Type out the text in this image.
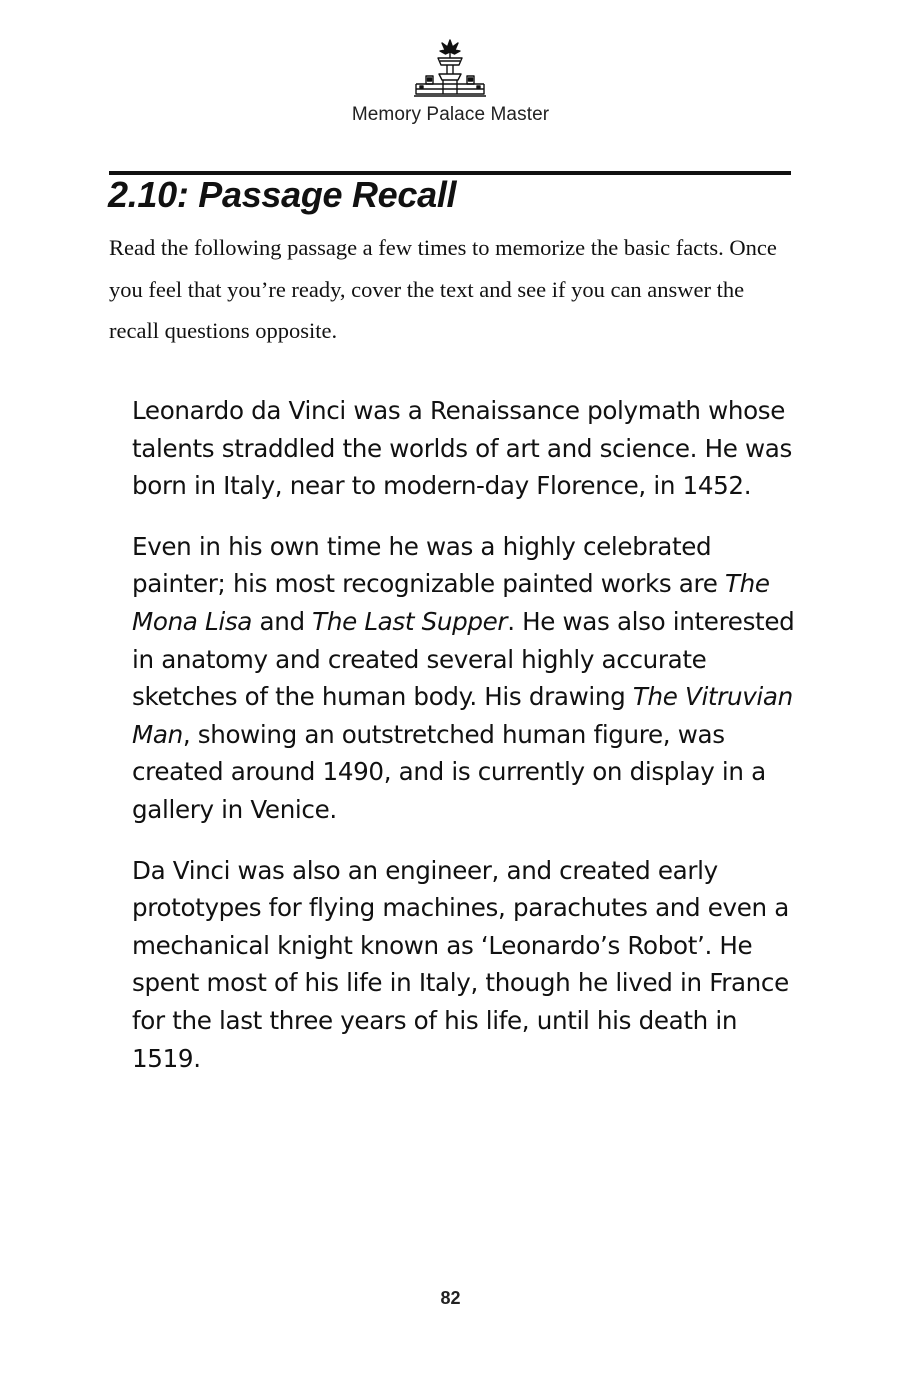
Memory Palace Master
2.10: Passage Recall

Read the following passage a few times to memorize the basic facts. Once you feel that you’re ready, cover the text and see if you can answer the recall questions opposite.

Leonardo da Vinci was a Renaissance polymath whose talents straddled the worlds of art and science. He was born in Italy, near to modern-day Florence, in 1452.

Even in his own time he was a highly celebrated painter; his most recognizable painted works are The Mona Lisa and The Last Supper. He was also interested in anatomy and created several highly accurate sketches of the human body. His drawing The Vitruvian Man, showing an outstretched human figure, was created around 1490, and is currently on display in a gallery in Venice.

Da Vinci was also an engineer, and created early prototypes for flying machines, parachutes and even a mechanical knight known as ‘Leonardo’s Robot’. He spent most of his life in Italy, though he lived in France for the last three years of his life, until his death in 1519.

82
